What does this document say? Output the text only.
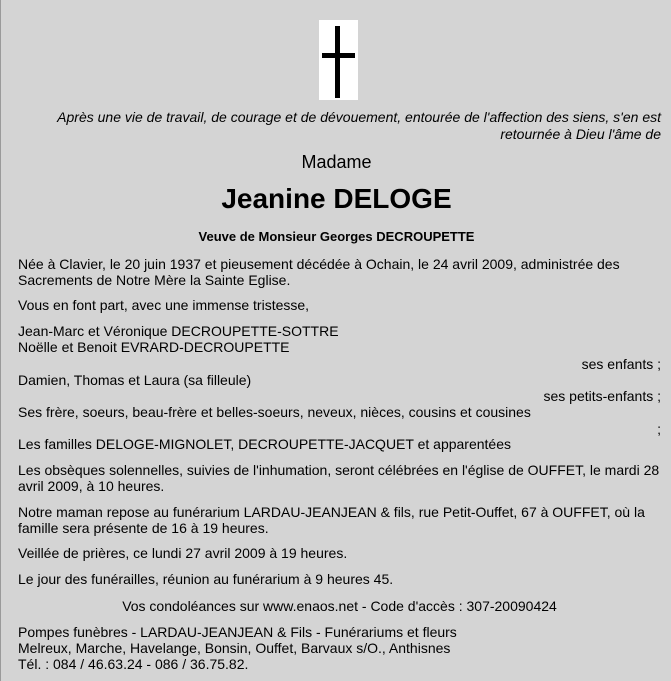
Après une vie de travail, de courage et de dévouement, entourée de l'affection des siens, s'en est retournée à Dieu l'âme de
Madame
Jeanine DELOGE
Veuve de Monsieur Georges DECROUPETTE
Née à Clavier, le 20 juin 1937 et pieusement décédée à Ochain, le 24 avril 2009, administrée des Sacrements de Notre Mère la Sainte Eglise.
Vous en font part, avec une immense tristesse,
Jean-Marc et Véronique DECROUPETTE-SOTTRE
Noëlle et Benoit EVRARD-DECROUPETTE
ses enfants ;
Damien, Thomas et Laura (sa filleule)
ses petits-enfants ;
Ses frère, soeurs, beau-frère et belles-soeurs, neveux, nièces, cousins et cousines
;
Les familles DELOGE-MIGNOLET, DECROUPETTE-JACQUET et apparentées
Les obsèques solennelles, suivies de l'inhumation, seront célébrées en l'église de OUFFET, le mardi 28 avril 2009, à 10 heures.
Notre maman repose au funérarium LARDAU-JEANJEAN & fils, rue Petit-Ouffet, 67 à OUFFET, où la famille sera présente de 16 à 19 heures.
Veillée de prières, ce lundi 27 avril 2009 à 19 heures.
Le jour des funérailles, réunion au funérarium à 9 heures 45.
Vos condoléances sur www.enaos.net - Code d'accès : 307-20090424
Pompes funèbres - LARDAU-JEANJEAN & Fils - Funérariums et fleurs
Melreux, Marche, Havelange, Bonsin, Ouffet, Barvaux s/O., Anthisnes
Tél. : 084 / 46.63.24 - 086 / 36.75.82.
